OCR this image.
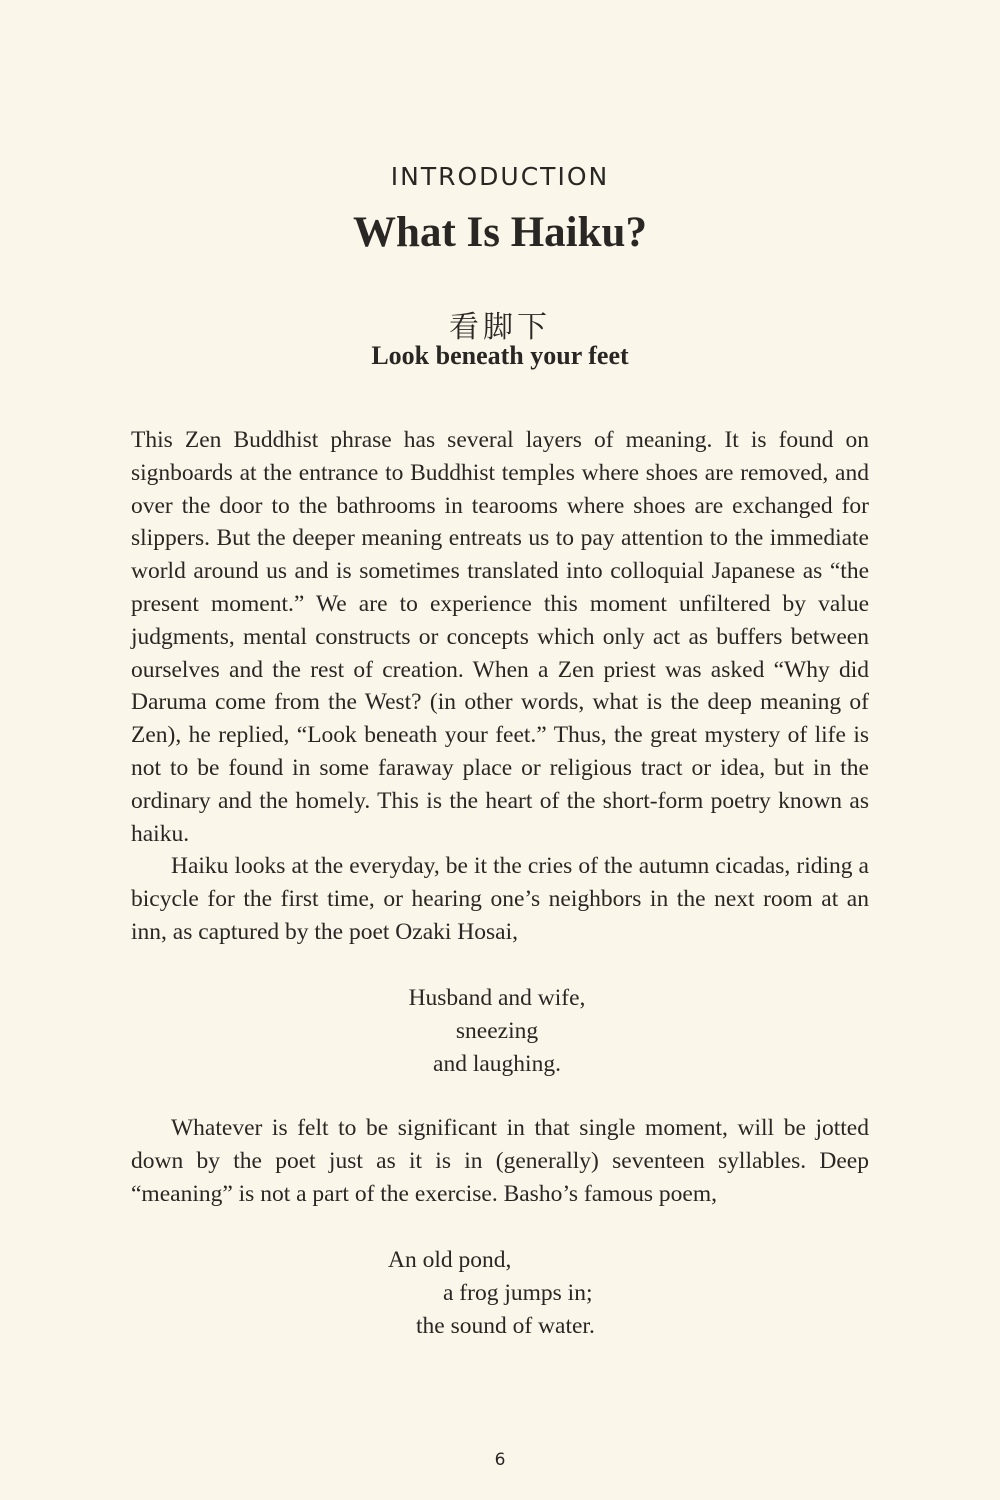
INTRODUCTION
What Is Haiku?
看脚下
Look beneath your feet

This Zen Buddhist phrase has several layers of meaning. It is found on signboards at the entrance to Buddhist temples where shoes are removed, and over the door to the bathrooms in tearooms where shoes are exchanged for slippers. But the deeper meaning entreats us to pay attention to the immediate world around us and is sometimes translated into colloquial Japanese as “the present moment.” We are to experience this moment unfiltered by value judgments, mental constructs or concepts which only act as buffers between ourselves and the rest of creation. When a Zen priest was asked “Why did Daruma come from the West? (in other words, what is the deep meaning of Zen), he replied, “Look beneath your feet.” Thus, the great mystery of life is not to be found in some faraway place or religious tract or idea, but in the ordinary and the homely. This is the heart of the short-form poetry known as haiku.

Haiku looks at the everyday, be it the cries of the autumn cicadas, riding a bicycle for the first time, or hearing one’s neighbors in the next room at an inn, as captured by the poet Ozaki Hosai,

Husband and wife,
sneezing
and laughing.

Whatever is felt to be significant in that single moment, will be jotted down by the poet just as it is in (generally) seventeen syllables. Deep “meaning” is not a part of the exercise. Basho’s famous poem,

An old pond,
a frog jumps in;
the sound of water.
6
